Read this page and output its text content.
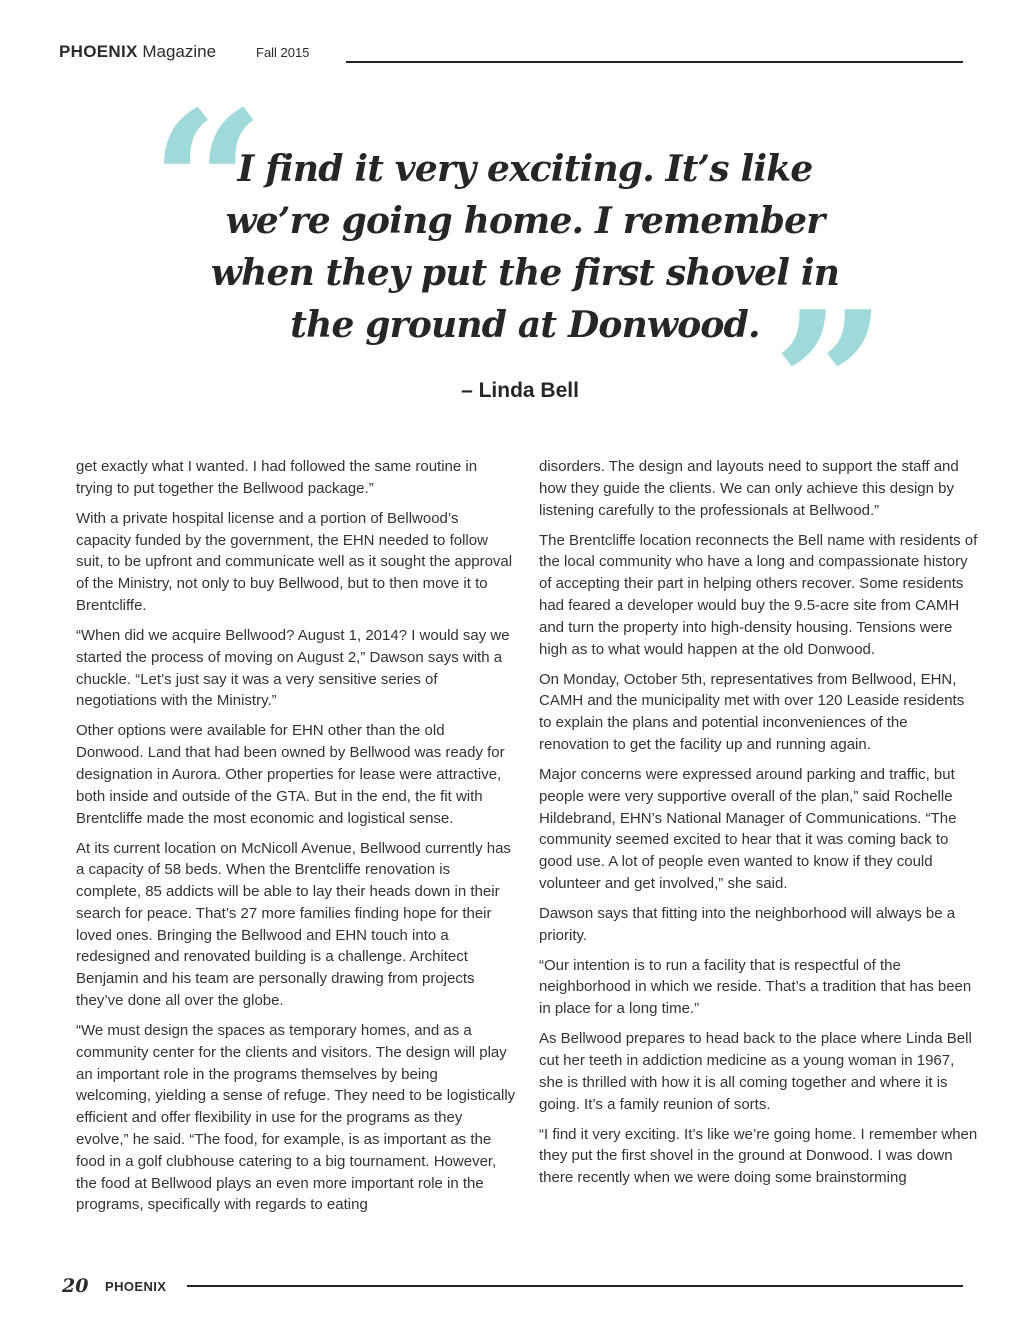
PHOENIX Magazine	Fall 2015
“

I find it very exciting. It’s like we’re going home. I remember when they put the first shovel in the ground at Donwood. ”
– Linda Bell

get exactly what I wanted. I had followed the same routine in trying to put together the Bellwood package.”

With a private hospital license and a portion of Bellwood’s capacity funded by the government, the EHN needed to follow suit, to be upfront and communicate well as it sought the approval of the Ministry, not only to buy Bellwood, but to then move it to Brentcliffe.

“When did we acquire Bellwood? August 1, 2014? I would say we started the process of moving on August 2,” Dawson says with a chuckle. “Let’s just say it was a very sensitive series of negotiations with the Ministry.”

Other options were available for EHN other than the old Donwood. Land that had been owned by Bellwood was ready for designation in Aurora. Other properties for lease were attractive, both inside and outside of the GTA. But in the end, the fit with Brentcliffe made the most economic and logistical sense.

At its current location on McNicoll Avenue, Bellwood currently has a capacity of 58 beds. When the Brentcliffe renovation is complete, 85 addicts will be able to lay their heads down in their search for peace. That’s 27 more families finding hope for their loved ones. Bringing the Bellwood and EHN touch into a redesigned and renovated building is a challenge. Architect Benjamin and his team are personally drawing from projects they’ve done all over the globe.

“We must design the spaces as temporary homes, and as a community center for the clients and visitors. The design will play an important role in the programs themselves by being welcoming, yielding a sense of refuge. They need to be logistically efficient and offer flexibility in use for the programs as they evolve,” he said. “The food, for example, is as important as the food in a golf clubhouse catering to a big tournament. However, the food at Bellwood plays an even more important role in the programs, specifically with regards to eating

disorders. The design and layouts need to support the staff and how they guide the clients. We can only achieve this design by listening carefully to the professionals at Bellwood.”

The Brentcliffe location reconnects the Bell name with residents of the local community who have a long and compassionate history of accepting their part in helping others recover. Some residents had feared a developer would buy the 9.5-acre site from CAMH and turn the property into high-density housing. Tensions were high as to what would happen at the old Donwood.

On Monday, October 5th, representatives from Bellwood, EHN, CAMH and the municipality met with over 120 Leaside residents to explain the plans and potential inconveniences of the renovation to get the facility up and running again.

Major concerns were expressed around parking and traffic, but people were very supportive overall of the plan,” said Rochelle Hildebrand, EHN’s National Manager of Communications. “The community seemed excited to hear that it was coming back to good use. A lot of people even wanted to know if they could volunteer and get involved,” she said.

Dawson says that fitting into the neighborhood will always be a priority.

“Our intention is to run a facility that is respectful of the neighborhood in which we reside. That’s a tradition that has been in place for a long time.”

As Bellwood prepares to head back to the place where Linda Bell cut her teeth in addiction medicine as a young woman in 1967, she is thrilled with how it is all coming together and where it is going. It’s a family reunion of sorts.

“I find it very exciting. It’s like we’re going home. I remember when they put the first shovel in the ground at Donwood. I was down there recently when we were doing some brainstorming

20 PHOENIX
